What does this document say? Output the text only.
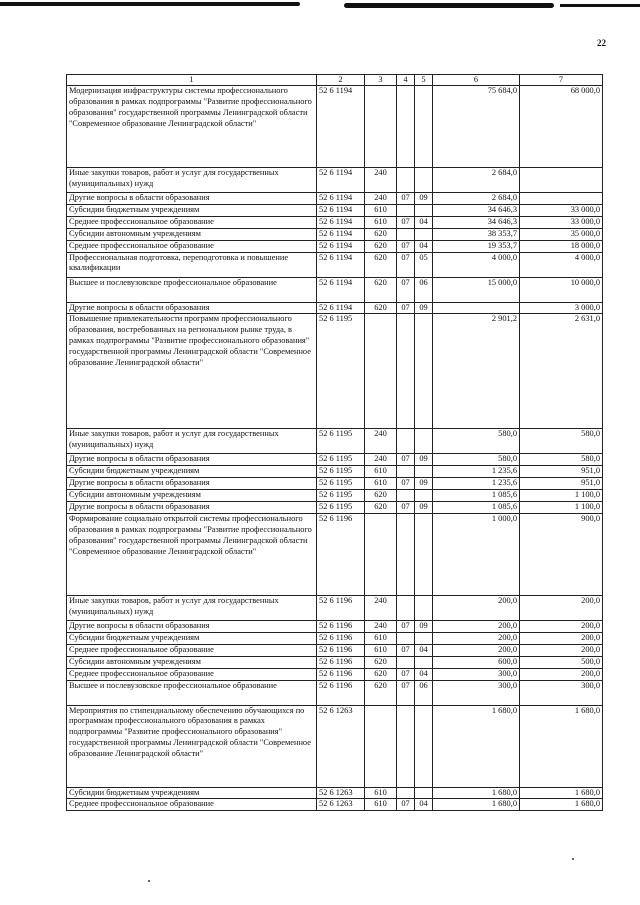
22
1	2	3	4	5	6	7
Модернизация инфраструктуры системы профессионального образования в рамках подпрограммы "Развитие профессионального образования" государственной программы Ленинградской области "Современное образование Ленинградской области"	52 6 1194				75 684,0	68 000,0
Иные закупки товаров, работ и услуг для государственных (муниципальных) нужд	52 6 1194	240			2 684,0	
Другие вопросы в области образования	52 6 1194	240	07	09	2 684,0	
Субсидии бюджетным учреждениям	52 6 1194	610			34 646,3	33 000,0
Среднее профессиональное образование	52 6 1194	610	07	04	34 646,3	33 000,0
Субсидии автономным учреждениям	52 6 1194	620			38 353,7	35 000,0
Среднее профессиональное образование	52 6 1194	620	07	04	19 353,7	18 000,0
Профессиональная подготовка, переподготовка и повышение квалификации	52 6 1194	620	07	05	4 000,0	4 000,0
Высшее и послевузовское профессиональное образование	52 6 1194	620	07	06	15 000,0	10 000,0
Другие вопросы в области образования	52 6 1194	620	07	09		3 000,0
Повышение привлекательности программ профессионального образования, востребованных на региональном рынке труда, в рамках подпрограммы "Развитие профессионального образования" государственной программы Ленинградской области "Современное образование Ленинградской области"	52 6 1195				2 901,2	2 631,0
Иные закупки товаров, работ и услуг для государственных (муниципальных) нужд	52 6 1195	240			580,0	580,0
Другие вопросы в области образования	52 6 1195	240	07	09	580,0	580,0
Субсидии бюджетным учреждениям	52 6 1195	610			1 235,6	951,0
Другие вопросы в области образования	52 6 1195	610	07	09	1 235,6	951,0
Субсидии автономным учреждениям	52 6 1195	620			1 085,6	1 100,0
Другие вопросы в области образования	52 6 1195	620	07	09	1 085,6	1 100,0
Формирование социально открытой системы профессионального образования в рамках подпрограммы "Развитие профессионального образования" государственной программы Ленинградской области "Современное образование Ленинградской области"	52 6 1196				1 000,0	900,0
Иные закупки товаров, работ и услуг для государственных (муниципальных) нужд	52 6 1196	240			200,0	200,0
Другие вопросы в области образования	52 6 1196	240	07	09	200,0	200,0
Субсидии бюджетным учреждениям	52 6 1196	610			200,0	200,0
Среднее профессиональное образование	52 6 1196	610	07	04	200,0	200,0
Субсидии автономным учреждениям	52 6 1196	620			600,0	500,0
Среднее профессиональное образование	52 6 1196	620	07	04	300,0	200,0
Высшее и послевузовское профессиональное образование	52 6 1196	620	07	06	300,0	300,0
Мероприятия по стипендиальному обеспечению обучающихся по программам профессионального образования в рамках подпрограммы "Развитие профессионального образования" государственной программы Ленинградской области "Современное образование Ленинградской области"	52 6 1263				1 680,0	1 680,0
Субсидии бюджетным учреждениям	52 6 1263	610			1 680,0	1 680,0
Среднее профессиональное образование	52 6 1263	610	07	04	1 680,0	1 680,0
